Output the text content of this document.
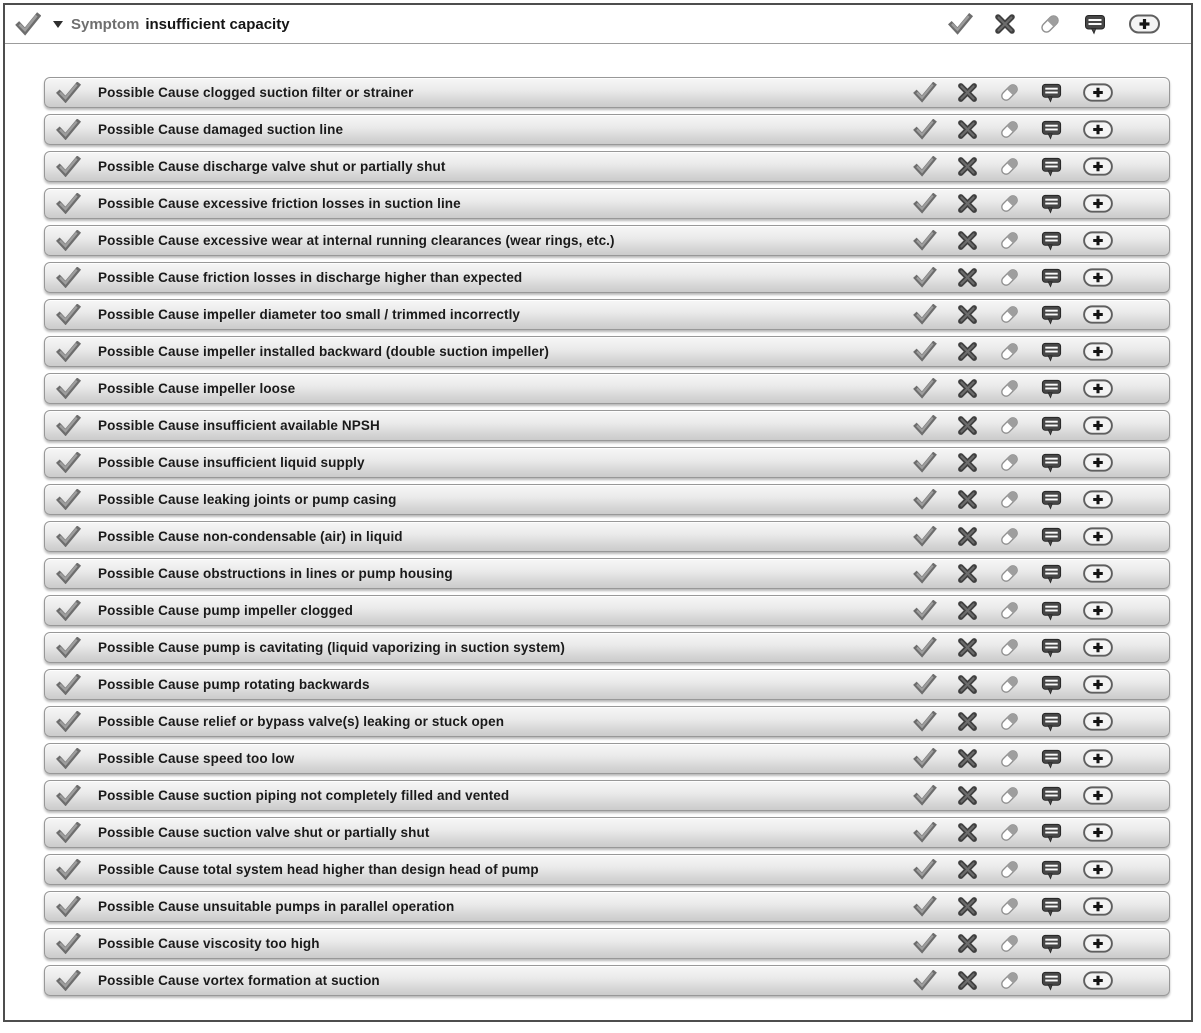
Symptom insufficient capacity
Possible Cause clogged suction filter or strainer
Possible Cause damaged suction line
Possible Cause discharge valve shut or partially shut
Possible Cause excessive friction losses in suction line
Possible Cause excessive wear at internal running clearances (wear rings, etc.)
Possible Cause friction losses in discharge higher than expected
Possible Cause impeller diameter too small / trimmed incorrectly
Possible Cause impeller installed backward (double suction impeller)
Possible Cause impeller loose
Possible Cause insufficient available NPSH
Possible Cause insufficient liquid supply
Possible Cause leaking joints or pump casing
Possible Cause non-condensable (air) in liquid
Possible Cause obstructions in lines or pump housing
Possible Cause pump impeller clogged
Possible Cause pump is cavitating (liquid vaporizing in suction system)
Possible Cause pump rotating backwards
Possible Cause relief or bypass valve(s) leaking or stuck open
Possible Cause speed too low
Possible Cause suction piping not completely filled and vented
Possible Cause suction valve shut or partially shut
Possible Cause total system head higher than design head of pump
Possible Cause unsuitable pumps in parallel operation
Possible Cause viscosity too high
Possible Cause vortex formation at suction
